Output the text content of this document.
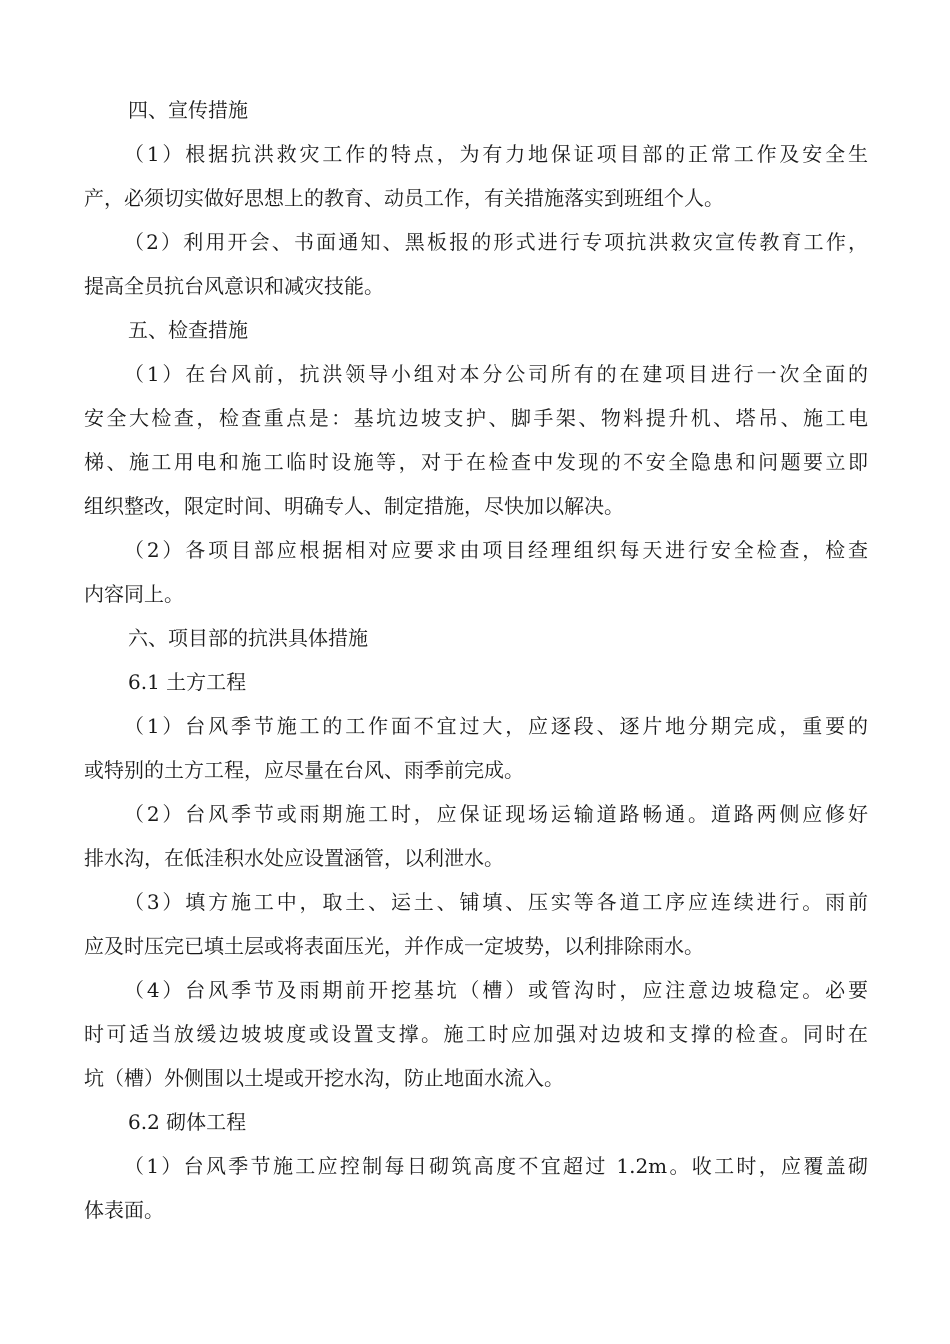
四、宣传措施
（1）根据抗洪救灾工作的特点，为有力地保证项目部的正常工作及安全生
产，必须切实做好思想上的教育、动员工作，有关措施落实到班组个人。
（2）利用开会、书面通知、黑板报的形式进行专项抗洪救灾宣传教育工作，
提高全员抗台风意识和减灾技能。
五、检查措施
（1）在台风前，抗洪领导小组对本分公司所有的在建项目进行一次全面的
安全大检查，检查重点是：基坑边坡支护、脚手架、物料提升机、塔吊、施工电
梯、施工用电和施工临时设施等，对于在检查中发现的不安全隐患和问题要立即
组织整改，限定时间、明确专人、制定措施，尽快加以解决。
（2）各项目部应根据相对应要求由项目经理组织每天进行安全检查，检查
内容同上。
六、项目部的抗洪具体措施
6.1 土方工程
（1）台风季节施工的工作面不宜过大，应逐段、逐片地分期完成，重要的
或特别的土方工程，应尽量在台风、雨季前完成。
（2）台风季节或雨期施工时，应保证现场运输道路畅通。道路两侧应修好
排水沟，在低洼积水处应设置涵管，以利泄水。
（3）填方施工中，取土、运土、铺填、压实等各道工序应连续进行。雨前
应及时压完已填土层或将表面压光，并作成一定坡势，以利排除雨水。
（4）台风季节及雨期前开挖基坑（槽）或管沟时，应注意边坡稳定。必要
时可适当放缓边坡坡度或设置支撑。施工时应加强对边坡和支撑的检查。同时在
坑（槽）外侧围以土堤或开挖水沟，防止地面水流入。
6.2 砌体工程
（1）台风季节施工应控制每日砌筑高度不宜超过 1.2m。收工时，应覆盖砌
体表面。
